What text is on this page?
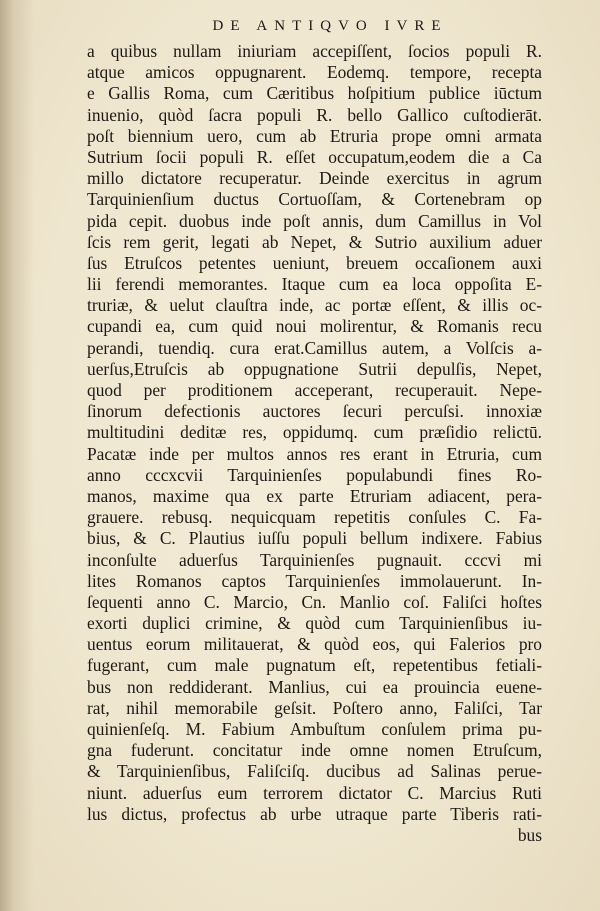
DE ANTIQVO IVRE
a quibus nullam iniuriam accepiſſent, ſocios populi R.
atque amicos oppugnarent. Eodemq. tempore, recepta
e Gallis Roma, cum Cæritibus hoſpitium publice iūctum
inuenio, quòd ſacra populi R. bello Gallico cuſtodierāt.
poſt biennium uero, cum ab Etruria prope omni armata
Sutrium ſocii populi R. eſſet occupatum,eodem die a Ca
millo dictatore recuperatur. Deinde exercitus in agrum
Tarquinienſium ductus Cortuoſſam, & Cortenebram op
pida cepit. duobus inde poſt annis, dum Camillus in Vol
ſcis rem gerit, legati ab Nepet, & Sutrio auxilium aduer
ſus Etruſcos petentes ueniunt, breuem occaſionem auxi
lii ferendi memorantes. Itaque cum ea loca oppoſita E-
truriæ, & uelut clauſtra inde, ac portæ eſſent, & illis oc-
cupandi ea, cum quid noui molirentur, & Romanis recu
perandi, tuendiq. cura erat.Camillus autem, a Volſcis a-
uerſus,Etruſcis ab oppugnatione Sutrii depulſis, Nepet,
quod per proditionem acceperant, recuperauit. Nepe-
ſinorum defectionis auctores ſecuri percuſsi. innoxiæ
multitudini deditæ res, oppidumq. cum præſidio relictū.
Pacatæ inde per multos annos res erant in Etruria, cum
anno cccxcvii Tarquinienſes populabundi fines Ro-
manos, maxime qua ex parte Etruriam adiacent, pera-
grauere. rebusq. nequicquam repetitis conſules C. Fa-
bius, & C. Plautius iuſſu populi bellum indixere. Fabius
inconſulte aduerſus Tarquinienſes pugnauit. cccvi mi
lites Romanos captos Tarquinienſes immolauerunt. In-
ſequenti anno C. Marcio, Cn. Manlio coſ. Faliſci hoſtes
exorti duplici crimine, & quòd cum Tarquinienſibus iu-
uentus eorum militauerat, & quòd eos, qui Falerios pro
fugerant, cum male pugnatum eſt, repetentibus fetiali-
bus non reddiderant. Manlius, cui ea prouincia euene-
rat, nihil memorabile geſsit. Poſtero anno, Faliſci, Tar
quinienſeſq. M. Fabium Ambuſtum conſulem prima pu-
gna fuderunt. concitatur inde omne nomen Etruſcum,
& Tarquinienſibus, Faliſciſq. ducibus ad Salinas perue-
niunt. aduerſus eum terrorem dictator C. Marcius Ruti
lus dictus, profectus ab urbe utraque parte Tiberis rati-
bus
